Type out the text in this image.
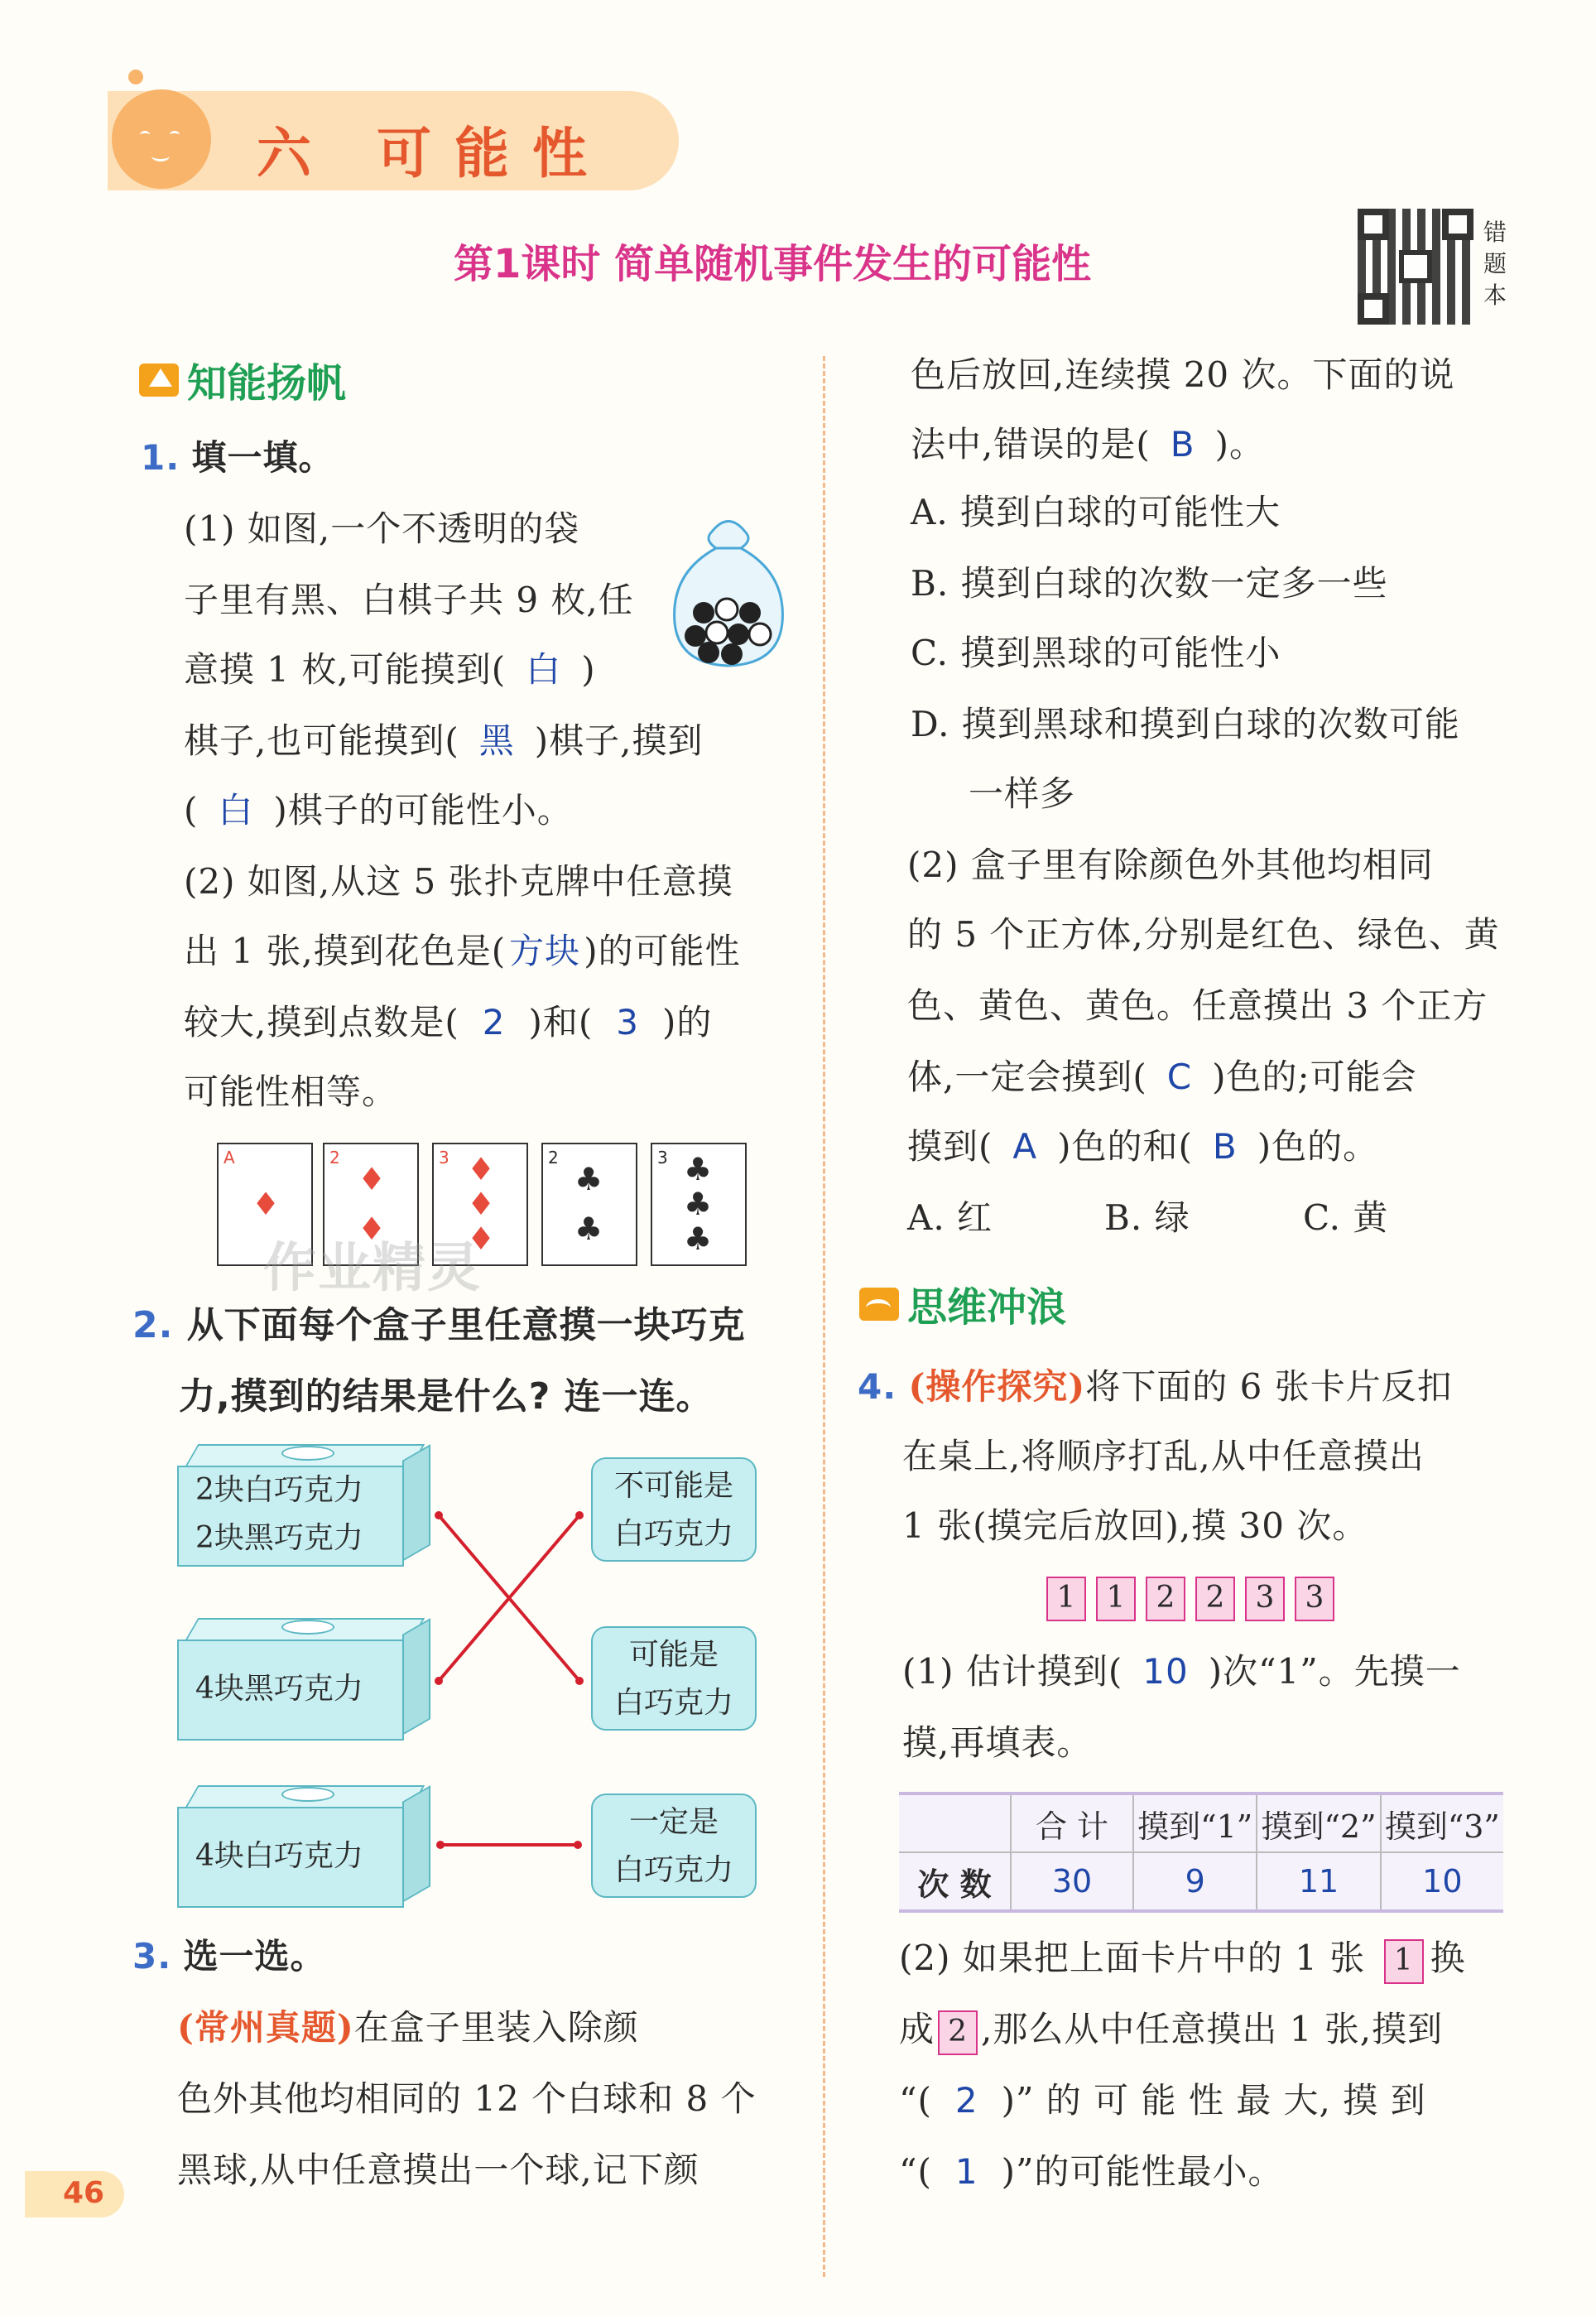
六 可能性
第1课时 简单随机事件发生的可能性
错题本
知能扬帆
1. 填一填。
(1) 如图,一个不透明的袋
子里有黑、白棋子共 9 枚,任
意摸 1 枚,可能摸到( 白 )
棋子,也可能摸到( 黑 )棋子,摸到
( 白 )棋子的可能性小。
(2) 如图,从这 5 张扑克牌中任意摸
出 1 张,摸到花色是(方块)的可能性
较大,摸到点数是( 2 )和( 3 )的
可能性相等。
A
♦
2
♦
♦
3 ♦
♦
♦
2
♣
♣
3 ♣
♣
♣
作业精灵
2. 从下面每个盒子里任意摸一块巧克
力,摸到的结果是什么? 连一连。
2块白巧克力
2块黑巧克力
4块黑巧克力
4块白巧克力
不可能是
白巧克力
可能是
白巧克力
一定是
白巧克力
3. 选一选。
(常州真题)在盒子里装入除颜
色外其他均相同的 12 个白球和 8 个
黑球,从中任意摸出一个球,记下颜
46
色后放回,连续摸 20 次。下面的说
法中,错误的是( B )。
A. 摸到白球的可能性大
B. 摸到白球的次数一定多一些
C. 摸到黑球的可能性小
D. 摸到黑球和摸到白球的次数可能
一样多
(2) 盒子里有除颜色外其他均相同
的 5 个正方体,分别是红色、绿色、黄
色、黄色、黄色。任意摸出 3 个正方
体,一定会摸到( C )色的;可能会
摸到( A )色的和( B )色的。
A. 红	B. 绿	C. 黄
思维冲浪
4. (操作探究)将下面的 6 张卡片反扣
在桌上,将顺序打乱,从中任意摸出
1 张(摸完后放回),摸 30 次。
1 1 2 2 3 3
(1) 估计摸到( 10 )次“1”。先摸一
摸,再填表。
	合 计	摸到“1”	摸到“2”	摸到“3”
次 数	30	9	11	10
(2) 如果把上面卡片中的 1 张 1 换
成 2 ,那么从中任意摸出 1 张,摸到
“( 2 )” 的 可 能 性 最 大, 摸 到
“( 1 )”的可能性最小。
